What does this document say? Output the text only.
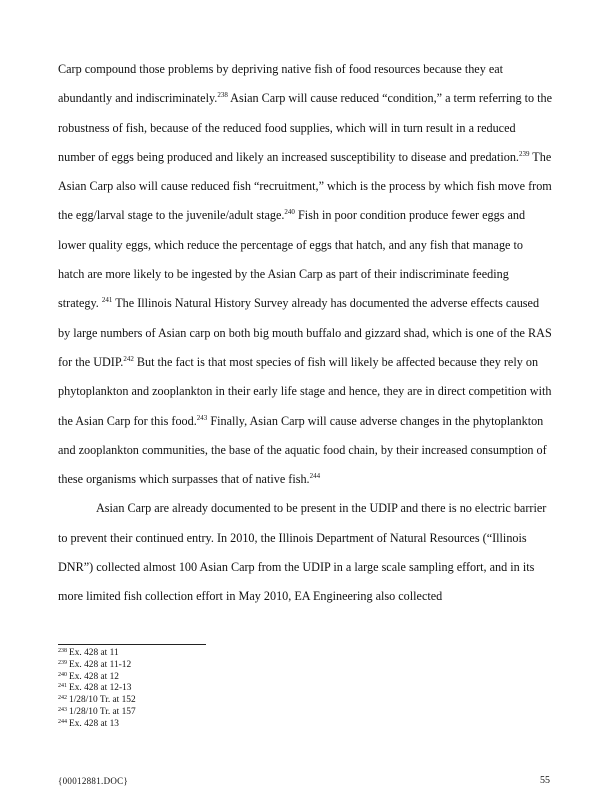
Carp compound those problems by depriving native fish of food resources because they eat abundantly and indiscriminately.$^{238}$ Asian Carp will cause reduced “condition,” a term referring to the robustness of fish, because of the reduced food supplies, which will in turn result in a reduced number of eggs being produced and likely an increased susceptibility to disease and predation.$^{239}$ The Asian Carp also will cause reduced fish “recruitment,” which is the process by which fish move from the egg/larval stage to the juvenile/adult stage.$^{240}$ Fish in poor condition produce fewer eggs and lower quality eggs, which reduce the percentage of eggs that hatch, and any fish that manage to hatch are more likely to be ingested by the Asian Carp as part of their indiscriminate feeding strategy. $^{241}$ The Illinois Natural History Survey already has documented the adverse effects caused by large numbers of Asian carp on both big mouth buffalo and gizzard shad, which is one of the RAS for the UDIP.$^{242}$ But the fact is that most species of fish will likely be affected because they rely on phytoplankton and zooplankton in their early life stage and hence, they are in direct competition with the Asian Carp for this food.$^{243}$ Finally, Asian Carp will cause adverse changes in the phytoplankton and zooplankton communities, the base of the aquatic food chain, by their increased consumption of these organisms which surpasses that of native fish.$^{244}$

Asian Carp are already documented to be present in the UDIP and there is no electric barrier to prevent their continued entry. In 2010, the Illinois Department of Natural Resources (“Illinois DNR”) collected almost 100 Asian Carp from the UDIP in a large scale sampling effort, and in its more limited fish collection effort in May 2010, EA Engineering also collected

$^{238}$ Ex. 428 at 11
$^{239}$ Ex. 428 at 11-12
$^{240}$ Ex. 428 at 12
$^{241}$ Ex. 428 at 12-13
$^{242}$ 1/28/10 Tr. at 152
$^{243}$ 1/28/10 Tr. at 157
$^{244}$ Ex. 428 at 13
{00012881.DOC}	55
